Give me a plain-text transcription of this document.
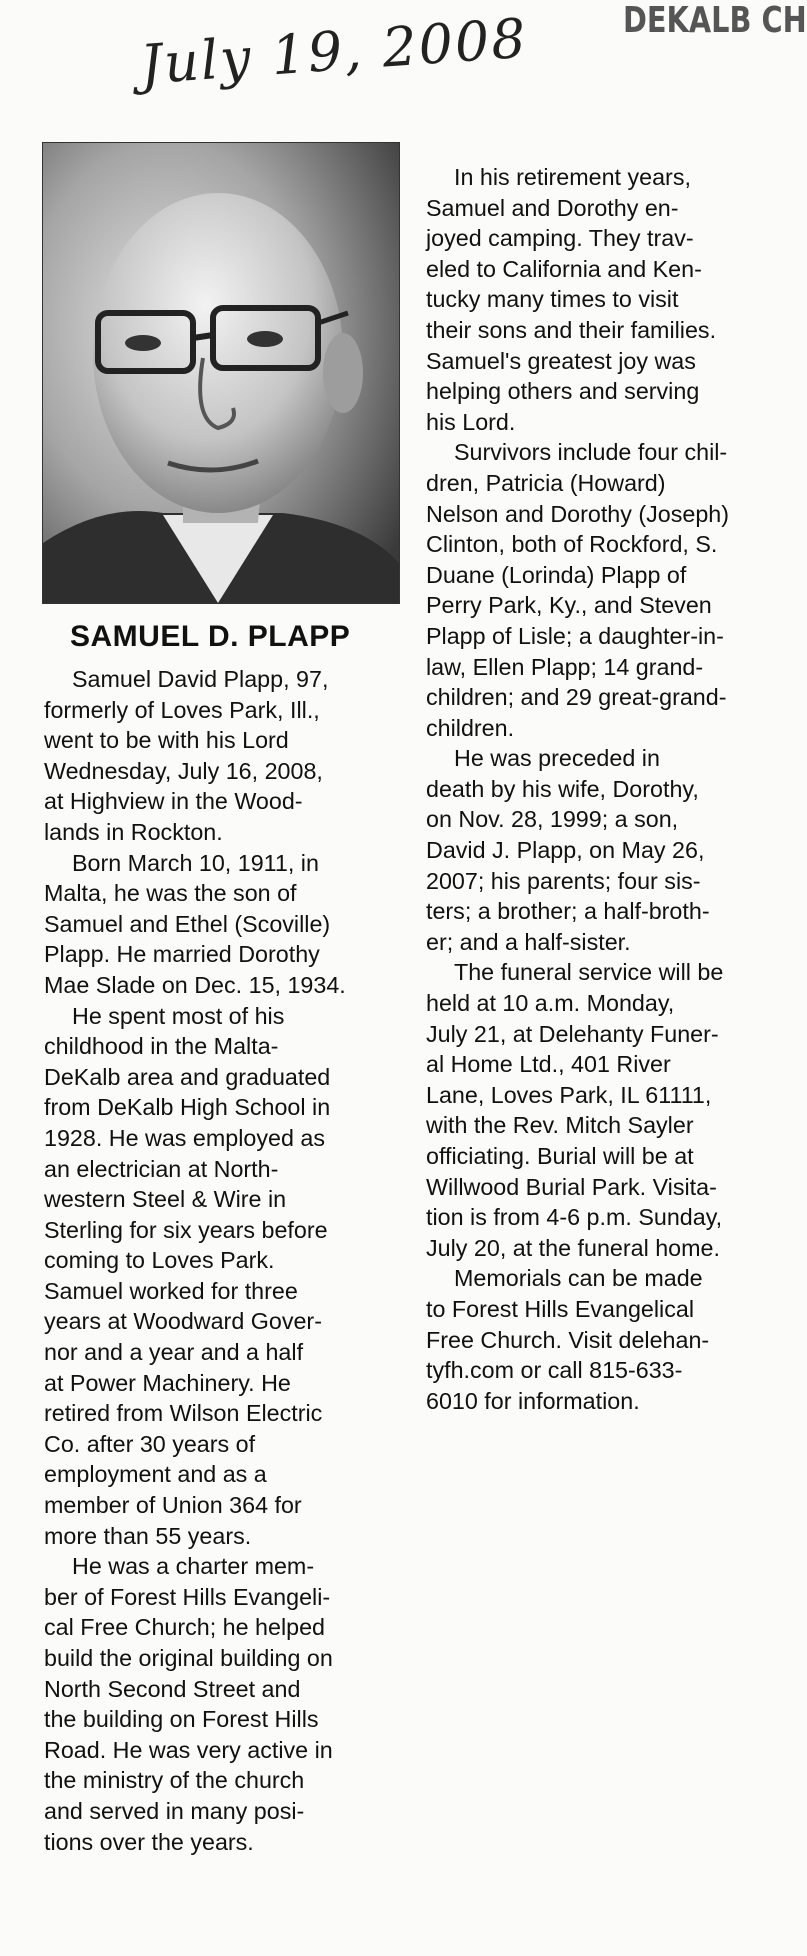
July 19, 2008	DEKALB CH
SAMUEL D. PLAPP

Samuel David Plapp, 97,
formerly of Loves Park, Ill.,
went to be with his Lord
Wednesday, July 16, 2008,
at Highview in the Wood-
lands in Rockton.

Born March 10, 1911, in
Malta, he was the son of
Samuel and Ethel (Scoville)
Plapp. He married Dorothy
Mae Slade on Dec. 15, 1934.

He spent most of his
childhood in the Malta-
DeKalb area and graduated
from DeKalb High School in
1928. He was employed as
an electrician at North-
western Steel & Wire in
Sterling for six years before
coming to Loves Park.
Samuel worked for three
years at Woodward Gover-
nor and a year and a half
at Power Machinery. He
retired from Wilson Electric
Co. after 30 years of
employment and as a
member of Union 364 for
more than 55 years.

He was a charter mem-
ber of Forest Hills Evangeli-
cal Free Church; he helped
build the original building on
North Second Street and
the building on Forest Hills
Road. He was very active in
the ministry of the church
and served in many posi-
tions over the years.

In his retirement years,
Samuel and Dorothy en-
joyed camping. They trav-
eled to California and Ken-
tucky many times to visit
their sons and their families.
Samuel's greatest joy was
helping others and serving
his Lord.

Survivors include four chil-
dren, Patricia (Howard)
Nelson and Dorothy (Joseph)
Clinton, both of Rockford, S.
Duane (Lorinda) Plapp of
Perry Park, Ky., and Steven
Plapp of Lisle; a daughter-in-
law, Ellen Plapp; 14 grand-
children; and 29 great-grand-
children.

He was preceded in
death by his wife, Dorothy,
on Nov. 28, 1999; a son,
David J. Plapp, on May 26,
2007; his parents; four sis-
ters; a brother; a half-broth-
er; and a half-sister.

The funeral service will be
held at 10 a.m. Monday,
July 21, at Delehanty Funer-
al Home Ltd., 401 River
Lane, Loves Park, IL 61111,
with the Rev. Mitch Sayler
officiating. Burial will be at
Willwood Burial Park. Visita-
tion is from 4-6 p.m. Sunday,
July 20, at the funeral home.

Memorials can be made
to Forest Hills Evangelical
Free Church. Visit delehan-
tyfh.com or call 815-633-
6010 for information.
